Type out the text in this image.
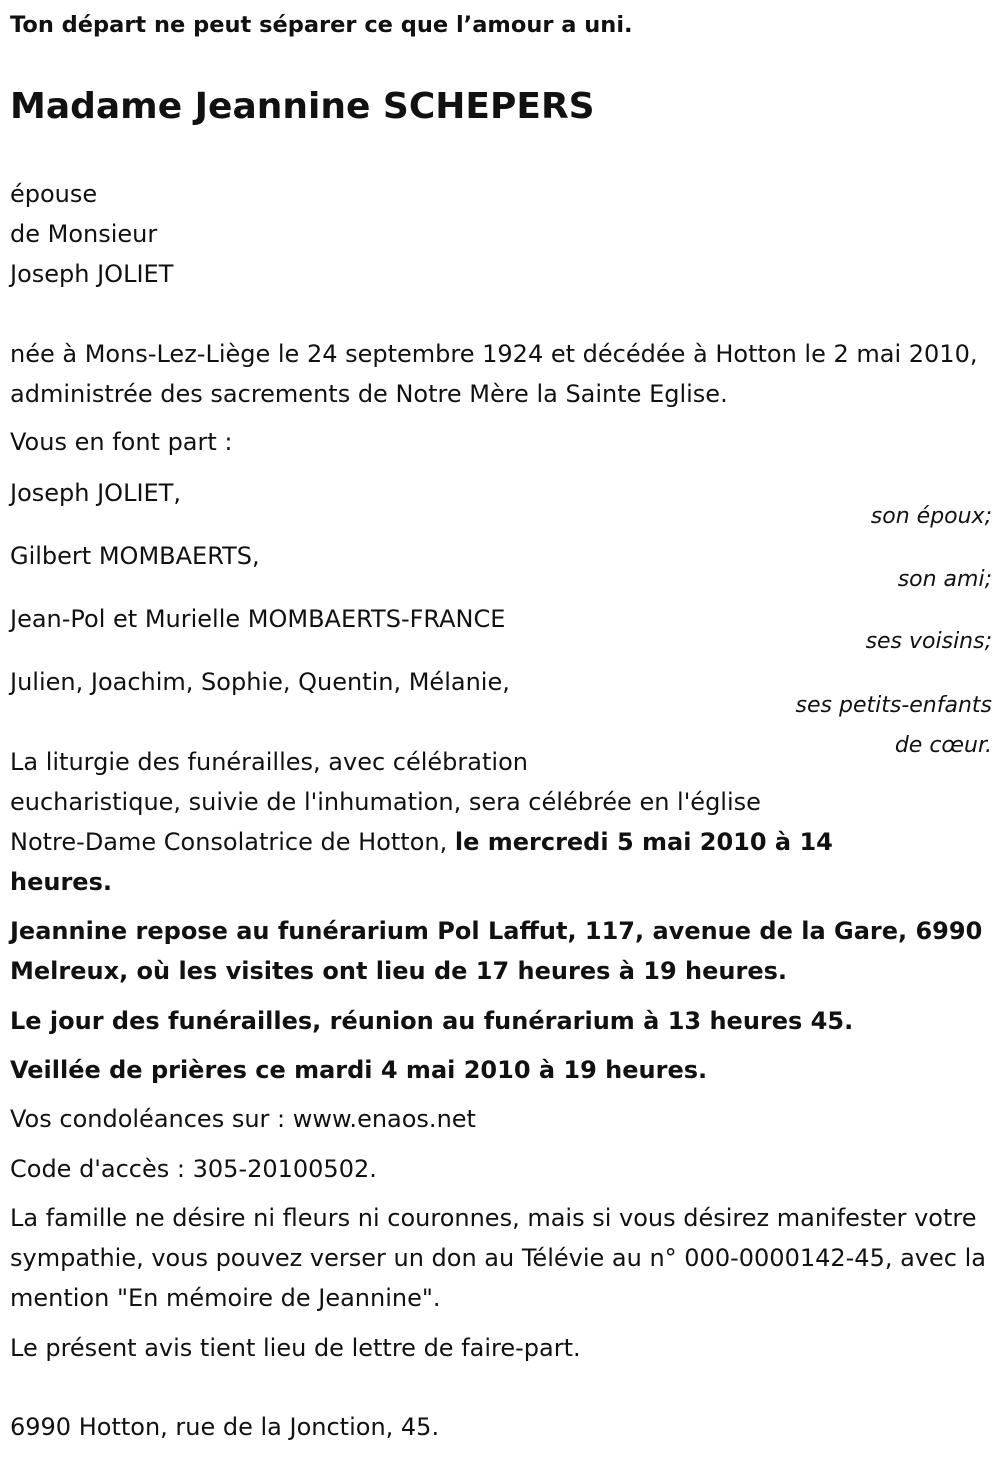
Ton départ ne peut séparer ce que l’amour a uni.
Madame Jeannine SCHEPERS
épouse
de Monsieur
Joseph JOLIET
née à Mons-Lez-Liège le 24 septembre 1924 et décédée à Hotton le 2 mai 2010, administrée des sacrements de Notre Mère la Sainte Eglise.
Vous en font part :
Joseph JOLIET,
son époux;
Gilbert MOMBAERTS,
son ami;
Jean-Pol et Murielle MOMBAERTS-FRANCE
ses voisins;
Julien, Joachim, Sophie, Quentin, Mélanie,
ses petits-enfants
de cœur.
La liturgie des funérailles, avec célébration
eucharistique, suivie de l'inhumation, sera célébrée en l'église
Notre-Dame Consolatrice de Hotton, le mercredi 5 mai 2010 à 14
heures.
Jeannine repose au funérarium Pol Laffut, 117, avenue de la Gare, 6990 Melreux, où les visites ont lieu de 17 heures à 19 heures.
Le jour des funérailles, réunion au funérarium à 13 heures 45.
Veillée de prières ce mardi 4 mai 2010 à 19 heures.
Vos condoléances sur : www.enaos.net
Code d'accès : 305-20100502.
La famille ne désire ni fleurs ni couronnes, mais si vous désirez manifester votre sympathie, vous pouvez verser un don au Télévie au n° 000-0000142-45, avec la mention "En mémoire de Jeannine".
Le présent avis tient lieu de lettre de faire-part.
6990 Hotton, rue de la Jonction, 45.
